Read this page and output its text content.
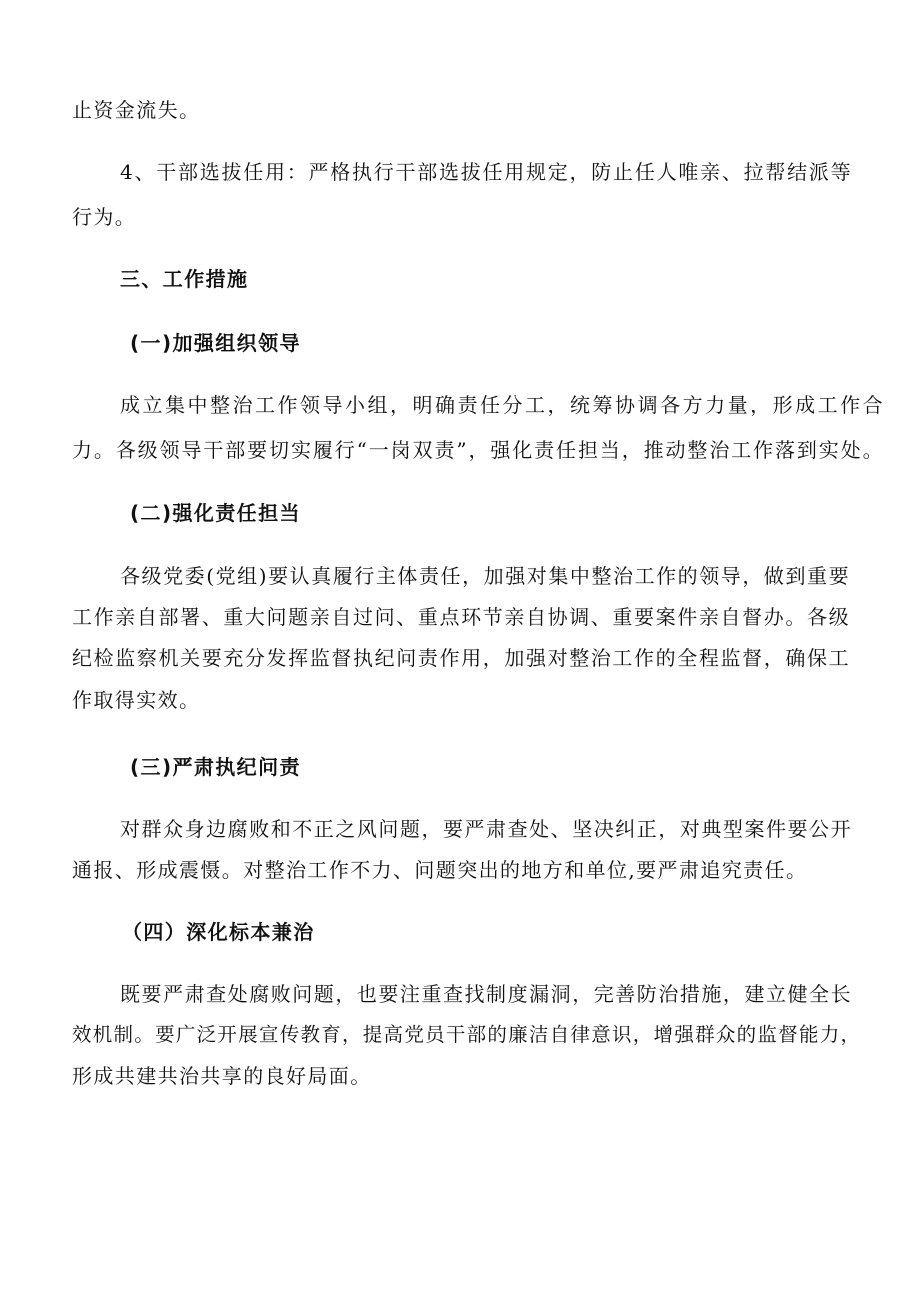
止资金流失。
4、干部选拔任用：严格执行干部选拔任用规定，防止任人唯亲、拉帮结派等
行为。
三、工作措施
(一)加强组织领导
成立集中整治工作领导小组，明确责任分工，统筹协调各方力量，形成工作合
力。各级领导干部要切实履行“一岗双责”，强化责任担当，推动整治工作落到实处。
(二)强化责任担当
各级党委(党组)要认真履行主体责任，加强对集中整治工作的领导，做到重要
工作亲自部署、重大问题亲自过问、重点环节亲自协调、重要案件亲自督办。各级
纪检监察机关要充分发挥监督执纪问责作用，加强对整治工作的全程监督，确保工
作取得实效。
(三)严肃执纪问责
对群众身边腐败和不正之风问题，要严肃查处、坚决纠正，对典型案件要公开
通报、形成震慑。对整治工作不力、问题突出的地方和单位,要严肃追究责任。
（四）深化标本兼治
既要严肃查处腐败问题，也要注重查找制度漏洞，完善防治措施，建立健全长
效机制。要广泛开展宣传教育，提高党员干部的廉洁自律意识，增强群众的监督能力，
形成共建共治共享的良好局面。
